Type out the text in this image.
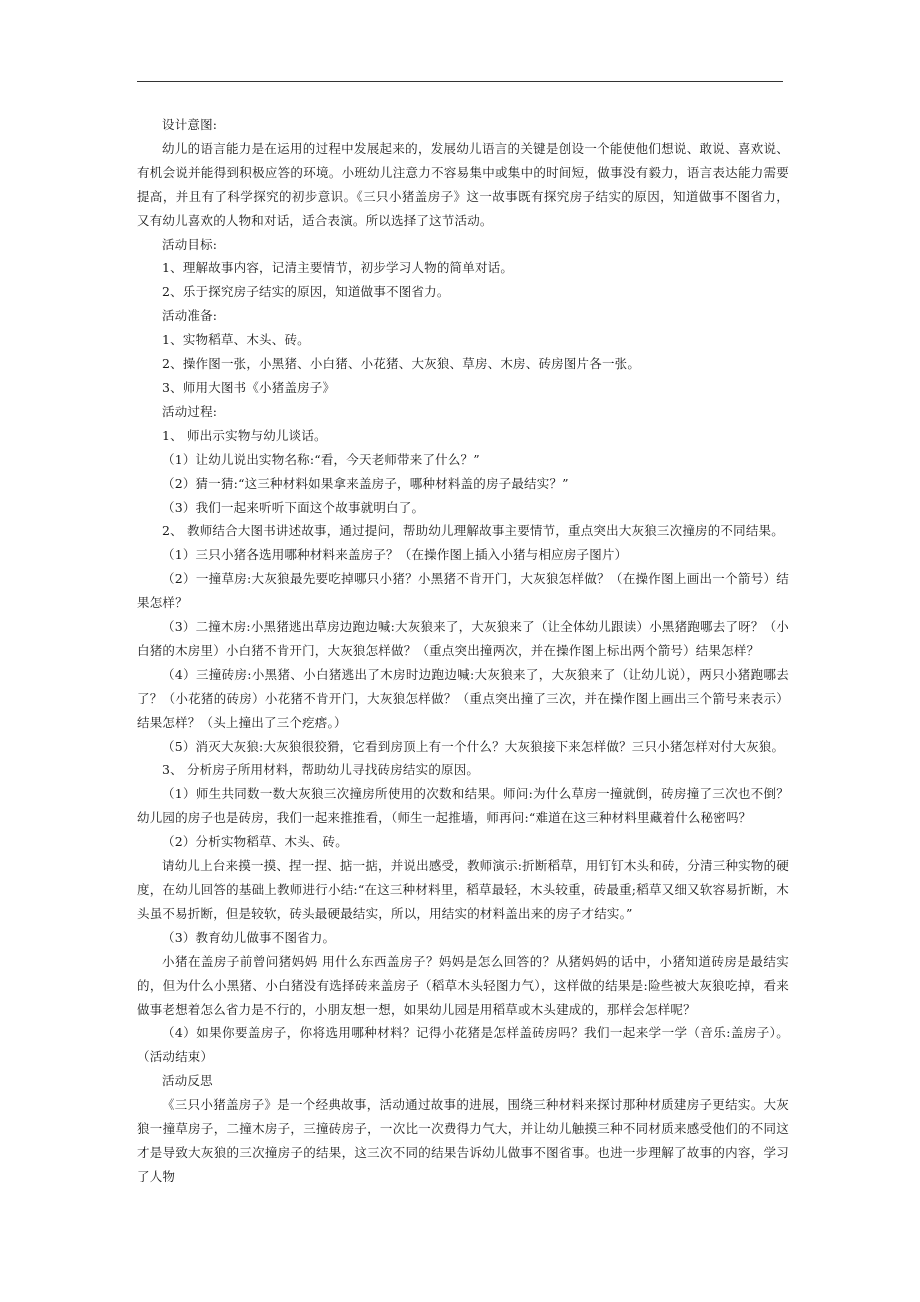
设计意图:

幼儿的语言能力是在运用的过程中发展起来的，发展幼儿语言的关键是创设一个能使他们想说、敢说、喜欢说、有机会说并能得到积极应答的环境。小班幼儿注意力不容易集中或集中的时间短，做事没有毅力，语言表达能力需要提高，并且有了科学探究的初步意识。《三只小猪盖房子》这一故事既有探究房子结实的原因，知道做事不图省力，又有幼儿喜欢的人物和对话，适合表演。所以选择了这节活动。

活动目标:

1、理解故事内容，记清主要情节，初步学习人物的简单对话。

2、乐于探究房子结实的原因，知道做事不图省力。

活动准备:

1、实物稻草、木头、砖。

2、操作图一张，小黑猪、小白猪、小花猪、大灰狼、草房、木房、砖房图片各一张。

3、师用大图书《小猪盖房子》

活动过程:

1、 师出示实物与幼儿谈话。

（1）让幼儿说出实物名称:“看，今天老师带来了什么？”

（2）猜一猜:“这三种材料如果拿来盖房子，哪种材料盖的房子最结实？”

（3）我们一起来听听下面这个故事就明白了。

2、 教师结合大图书讲述故事，通过提问，帮助幼儿理解故事主要情节，重点突出大灰狼三次撞房的不同结果。

（1）三只小猪各选用哪种材料来盖房子？（在操作图上插入小猪与相应房子图片）

（2）一撞草房:大灰狼最先要吃掉哪只小猪？小黑猪不肯开门，大灰狼怎样做？（在操作图上画出一个箭号）结果怎样？

（3）二撞木房:小黑猪逃出草房边跑边喊:大灰狼来了，大灰狼来了（让全体幼儿跟读）小黑猪跑哪去了呀？（小白猪的木房里）小白猪不肯开门，大灰狼怎样做？（重点突出撞两次，并在操作图上标出两个箭号）结果怎样？

（4）三撞砖房:小黑猪、小白猪逃出了木房时边跑边喊:大灰狼来了，大灰狼来了（让幼儿说），两只小猪跑哪去了？（小花猪的砖房）小花猪不肯开门，大灰狼怎样做？（重点突出撞了三次，并在操作图上画出三个箭号来表示）结果怎样？（头上撞出了三个疙瘩。）

（5）消灭大灰狼:大灰狼很狡猾，它看到房顶上有一个什么？大灰狼接下来怎样做？三只小猪怎样对付大灰狼。

3、 分析房子所用材料，帮助幼儿寻找砖房结实的原因。

（1）师生共同数一数大灰狼三次撞房所使用的次数和结果。师问:为什么草房一撞就倒，砖房撞了三次也不倒？幼儿园的房子也是砖房，我们一起来推推看，（师生一起推墙，师再问:“难道在这三种材料里藏着什么秘密吗？

（2）分析实物稻草、木头、砖。

请幼儿上台来摸一摸、捏一捏、掂一掂，并说出感受，教师演示:折断稻草，用钉钉木头和砖，分清三种实物的硬度，在幼儿回答的基础上教师进行小结:“在这三种材料里，稻草最轻，木头较重，砖最重;稻草又细又软容易折断，木头虽不易折断，但是较软，砖头最硬最结实，所以，用结实的材料盖出来的房子才结实。”

（3）教育幼儿做事不图省力。

小猪在盖房子前曾问猪妈妈 用什么东西盖房子？妈妈是怎么回答的？从猪妈妈的话中，小猪知道砖房是最结实的，但为什么小黑猪、小白猪没有选择砖来盖房子（稻草木头轻图力气），这样做的结果是:险些被大灰狼吃掉，看来做事老想着怎么省力是不行的，小朋友想一想，如果幼儿园是用稻草或木头建成的，那样会怎样呢？

（4）如果你要盖房子，你将选用哪种材料？记得小花猪是怎样盖砖房吗？我们一起来学一学（音乐:盖房子）。（活动结束）

活动反思

《三只小猪盖房子》是一个经典故事，活动通过故事的进展，围绕三种材料来探讨那种材质建房子更结实。大灰狼一撞草房子，二撞木房子，三撞砖房子，一次比一次费得力气大，并让幼儿触摸三种不同材质来感受他们的不同这才是导致大灰狼的三次撞房子的结果，这三次不同的结果告诉幼儿做事不图省事。也进一步理解了故事的内容，学习了人物
